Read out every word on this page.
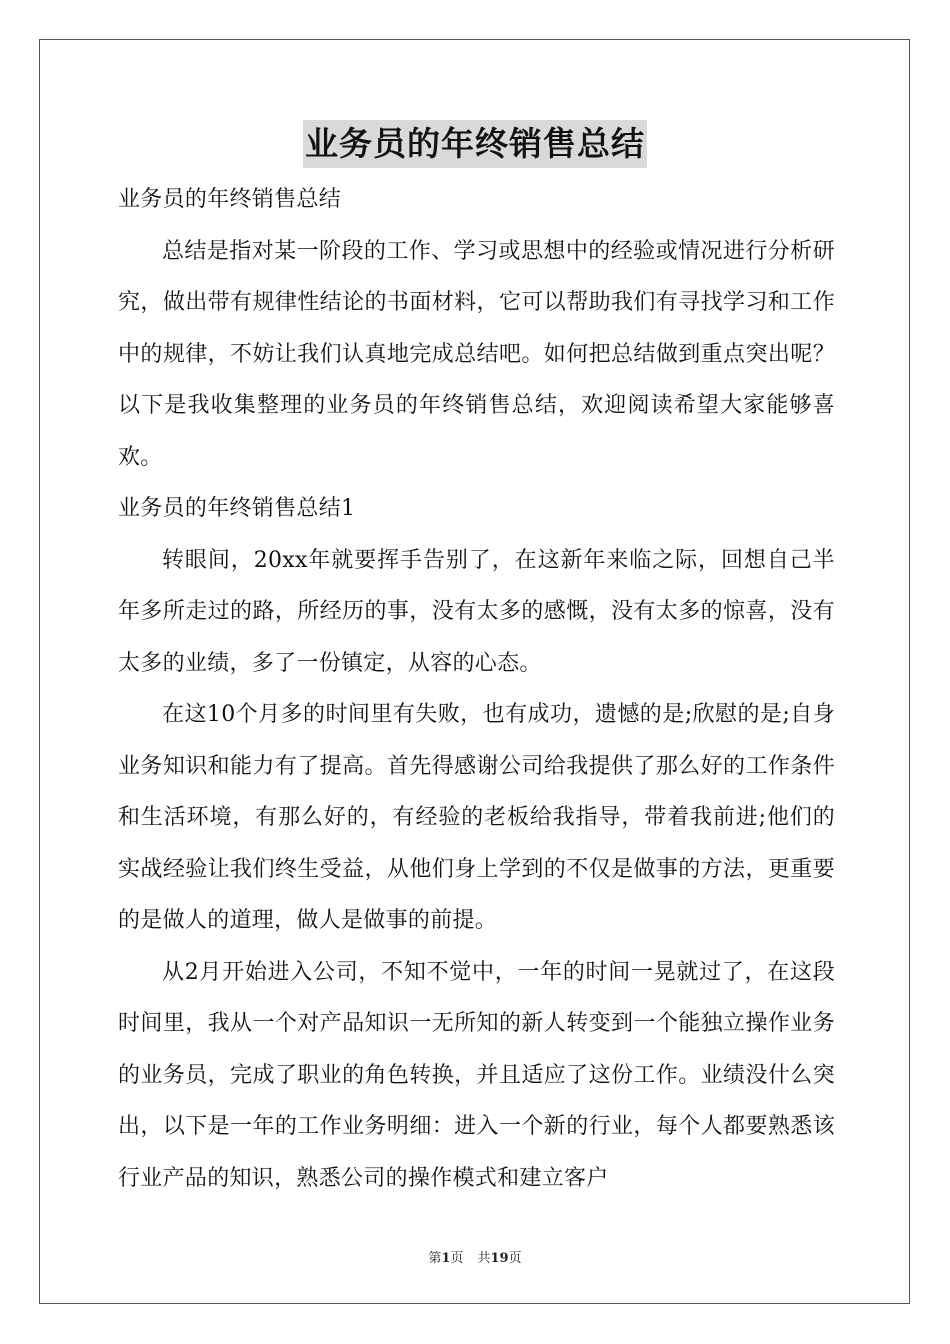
业务员的年终销售总结

业务员的年终销售总结

总结是指对某一阶段的工作、学习或思想中的经验或情况进行分析研究，做出带有规律性结论的书面材料，它可以帮助我们有寻找学习和工作中的规律，不妨让我们认真地完成总结吧。如何把总结做到重点突出呢？以下是我收集整理的业务员的年终销售总结，欢迎阅读希望大家能够喜欢。

业务员的年终销售总结1

转眼间，20xx年就要挥手告别了，在这新年来临之际，回想自己半年多所走过的路，所经历的事，没有太多的感慨，没有太多的惊喜，没有太多的业绩，多了一份镇定，从容的心态。

在这10个月多的时间里有失败，也有成功，遗憾的是;欣慰的是;自身业务知识和能力有了提高。首先得感谢公司给我提供了那么好的工作条件和生活环境，有那么好的，有经验的老板给我指导，带着我前进;他们的实战经验让我们终生受益，从他们身上学到的不仅是做事的方法，更重要的是做人的道理，做人是做事的前提。

从2月开始进入公司，不知不觉中，一年的时间一晃就过了，在这段时间里，我从一个对产品知识一无所知的新人转变到一个能独立操作业务的业务员，完成了职业的角色转换，并且适应了这份工作。业绩没什么突出，以下是一年的工作业务明细：进入一个新的行业，每个人都要熟悉该行业产品的知识，熟悉公司的操作模式和建立客户

第1页 共19页
